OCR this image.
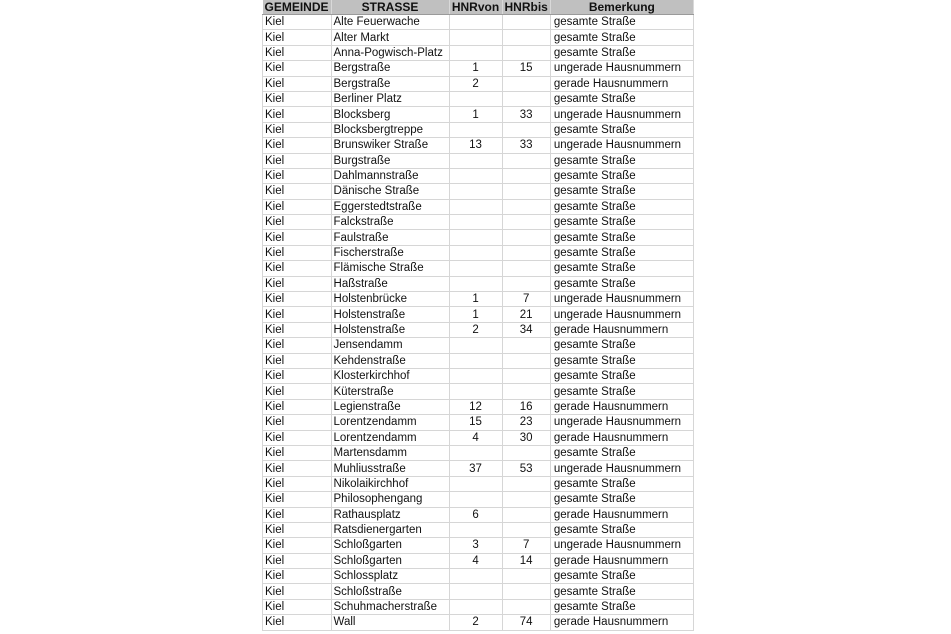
GEMEINDE	STRASSE	HNRvon	HNRbis	Bemerkung
Kiel	Alte Feuerwache			gesamte Straße
Kiel	Alter Markt			gesamte Straße
Kiel	Anna-Pogwisch-Platz			gesamte Straße
Kiel	Bergstraße	1	15	ungerade Hausnummern
Kiel	Bergstraße	2		gerade Hausnummern
Kiel	Berliner Platz			gesamte Straße
Kiel	Blocksberg	1	33	ungerade Hausnummern
Kiel	Blocksbergtreppe			gesamte Straße
Kiel	Brunswiker Straße	13	33	ungerade Hausnummern
Kiel	Burgstraße			gesamte Straße
Kiel	Dahlmannstraße			gesamte Straße
Kiel	Dänische Straße			gesamte Straße
Kiel	Eggerstedtstraße			gesamte Straße
Kiel	Falckstraße			gesamte Straße
Kiel	Faulstraße			gesamte Straße
Kiel	Fischerstraße			gesamte Straße
Kiel	Flämische Straße			gesamte Straße
Kiel	Haßstraße			gesamte Straße
Kiel	Holstenbrücke	1	7	ungerade Hausnummern
Kiel	Holstenstraße	1	21	ungerade Hausnummern
Kiel	Holstenstraße	2	34	gerade Hausnummern
Kiel	Jensendamm			gesamte Straße
Kiel	Kehdenstraße			gesamte Straße
Kiel	Klosterkirchhof			gesamte Straße
Kiel	Küterstraße			gesamte Straße
Kiel	Legienstraße	12	16	gerade Hausnummern
Kiel	Lorentzendamm	15	23	ungerade Hausnummern
Kiel	Lorentzendamm	4	30	gerade Hausnummern
Kiel	Martensdamm			gesamte Straße
Kiel	Muhliusstraße	37	53	ungerade Hausnummern
Kiel	Nikolaikirchhof			gesamte Straße
Kiel	Philosophengang			gesamte Straße
Kiel	Rathausplatz	6		gerade Hausnummern
Kiel	Ratsdienergarten			gesamte Straße
Kiel	Schloßgarten	3	7	ungerade Hausnummern
Kiel	Schloßgarten	4	14	gerade Hausnummern
Kiel	Schlossplatz			gesamte Straße
Kiel	Schloßstraße			gesamte Straße
Kiel	Schuhmacherstraße			gesamte Straße
Kiel	Wall	2	74	gerade Hausnummern
